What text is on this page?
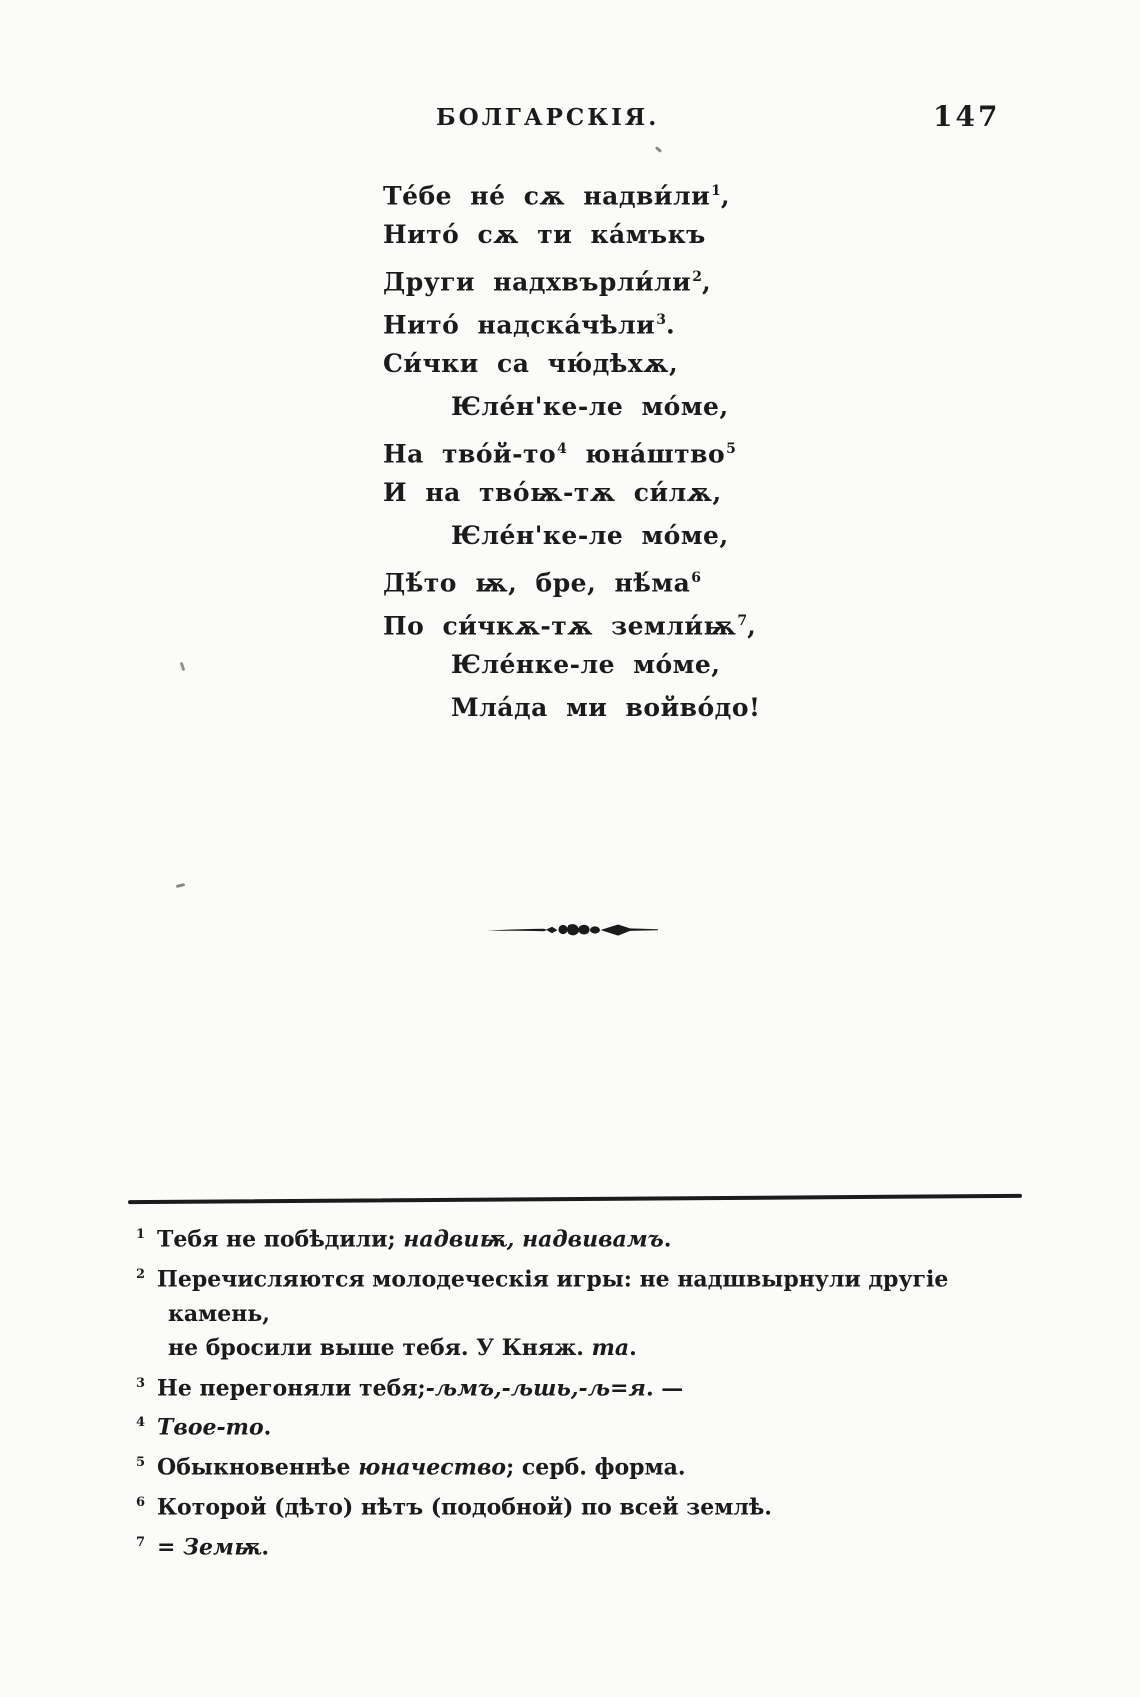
БОЛГАРСКІЯ.	147
Те́бе не́ сѫ $надви́ли^1$,
Нито́ сѫ ти ка́мъкъ
Други $надхвърли́ли^2$,
Нито́ надска́чѣли$^3$.
Си́чки са чю́дѣхѫ,
Ѥле́н'ке-ле мо́ме,
На $тво́й-то^4$ юна́штво$^5$
И на тво́ѭ-тѫ си́лѫ,
Ѥле́н'ке-ле мо́ме,
Дѣ́то ѭ, бре, $нѣ́ма^6$
По си́чкѫ-тѫ $земли́ѭ^7$,
Ѥле́нке-ле мо́ме,
Мла́да ми войво́до!
$^1$ Тебя не побѣдили; надвиѭ, надвивамъ.
$^2$ Перечисляются молодеческія игры: не надшвырнули другіе камень,
не бросили выше тебя. У Княж. та.
$^3$ Не перегоняли тебя;-љмъ,-љшь,-љ=я. —
$^4$ Твое-то.
$^5$ Обыкновеннѣе юначество; серб. форма.
$^6$ Которой (дѣто) нѣтъ (подобной) по всей землѣ.
$^7$ = Земѭ.
